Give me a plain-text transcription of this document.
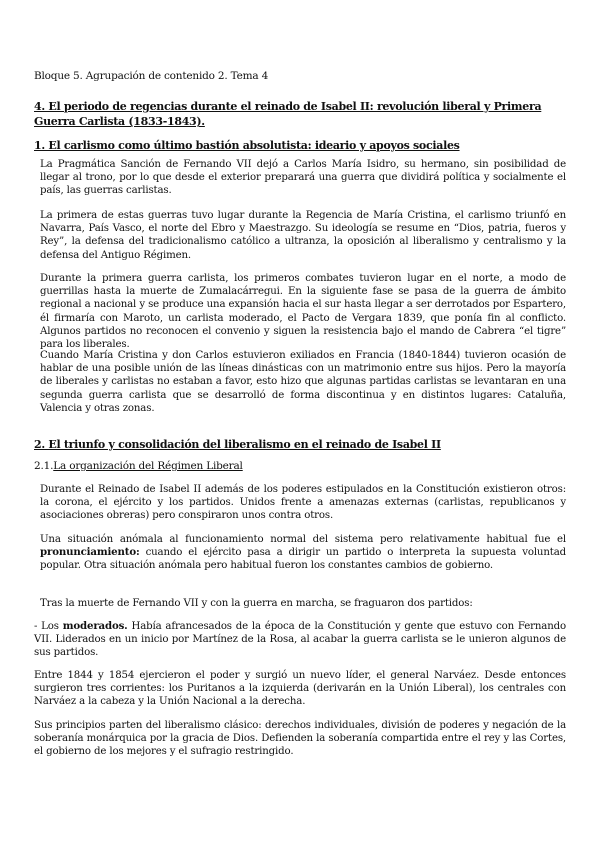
Bloque 5. Agrupación de contenido 2. Tema 4
4. El periodo de regencias durante el reinado de Isabel II: revolución liberal y Primera Guerra Carlista (1833-1843).
1. El carlismo como último bastión absolutista: ideario y apoyos sociales

La Pragmática Sanción de Fernando VII dejó a Carlos María Isidro, su hermano, sin posibilidad de llegar al trono, por lo que desde el exterior preparará una guerra que dividirá política y socialmente el país, las guerras carlistas.

La primera de estas guerras tuvo lugar durante la Regencia de María Cristina, el carlismo triunfó en Navarra, País Vasco, el norte del Ebro y Maestrazgo. Su ideología se resume en “Dios, patria, fueros y Rey”, la defensa del tradicionalismo católico a ultranza, la oposición al liberalismo y centralismo y la defensa del Antiguo Régimen.

Durante la primera guerra carlista, los primeros combates tuvieron lugar en el norte, a modo de guerrillas hasta la muerte de Zumalacárregui. En la siguiente fase se pasa de la guerra de ámbito regional a nacional y se produce una expansión hacia el sur hasta llegar a ser derrotados por Espartero, él firmaría con Maroto, un carlista moderado, el Pacto de Vergara 1839, que ponía fin al conflicto. Algunos partidos no reconocen el convenio y siguen la resistencia bajo el mando de Cabrera “el tigre” para los liberales.

Cuando María Cristina y don Carlos estuvieron exiliados en Francia (1840-1844) tuvieron ocasión de hablar de una posible unión de las líneas dinásticas con un matrimonio entre sus hijos. Pero la mayoría de liberales y carlistas no estaban a favor, esto hizo que algunas partidas carlistas se levantaran en una segunda guerra carlista que se desarrolló de forma discontinua y en distintos lugares: Cataluña, Valencia y otras zonas.

2. El triunfo y consolidación del liberalismo en el reinado de Isabel II
2.1.La organización del Régimen Liberal

Durante el Reinado de Isabel II además de los poderes estipulados en la Constitución existieron otros: la corona, el ejército y los partidos. Unidos frente a amenazas externas (carlistas, republicanos y asociaciones obreras) pero conspiraron unos contra otros.

Una situación anómala al funcionamiento normal del sistema pero relativamente habitual fue el pronunciamiento: cuando el ejército pasa a dirigir un partido o interpreta la supuesta voluntad popular. Otra situación anómala pero habitual fueron los constantes cambios de gobierno.

Tras la muerte de Fernando VII y con la guerra en marcha, se fraguaron dos partidos:

- Los moderados. Había afrancesados de la época de la Constitución y gente que estuvo con Fernando VII. Liderados en un inicio por Martínez de la Rosa, al acabar la guerra carlista se le unieron algunos de sus partidos.

Entre 1844 y 1854 ejercieron el poder y surgió un nuevo líder, el general Narváez. Desde entonces surgieron tres corrientes: los Puritanos a la izquierda (derivarán en la Unión Liberal), los centrales con Narváez a la cabeza y la Unión Nacional a la derecha.

Sus principios parten del liberalismo clásico: derechos individuales, división de poderes y negación de la soberanía monárquica por la gracia de Dios. Defienden la soberanía compartida entre el rey y las Cortes, el gobierno de los mejores y el sufragio restringido.
